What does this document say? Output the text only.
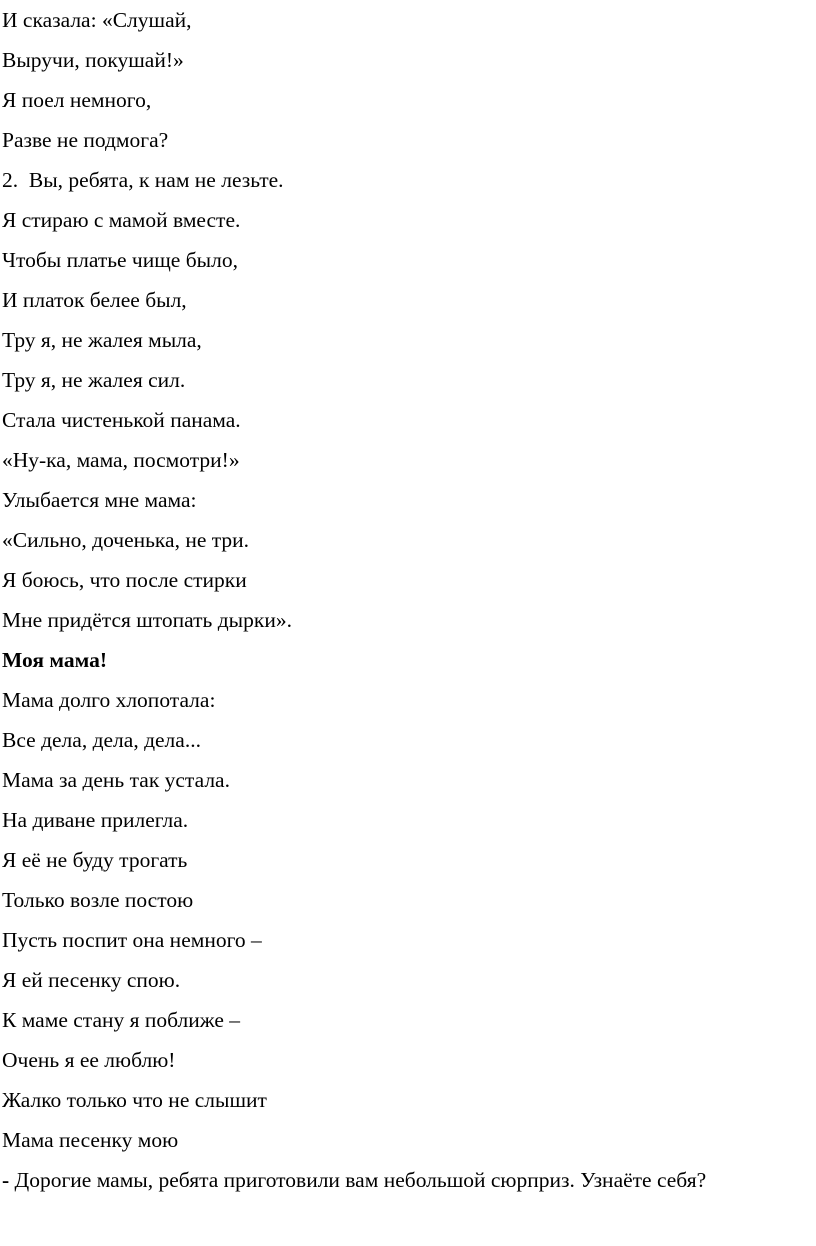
И сказала: «Слушай,
Выручи, покушай!»
Я поел немного,
Разве не подмога?
2.  Вы, ребята, к нам не лезьте.
Я стираю с мамой вместе.
Чтобы платье чище было,
И платок белее был,
Тру я, не жалея мыла,
Тру я, не жалея сил.
Стала чистенькой панама.
«Ну-ка, мама, посмотри!»
Улыбается мне мама:
«Сильно, доченька, не три.
Я боюсь, что после стирки
Мне придётся штопать дырки».
Моя мама!
Мама долго хлопотала:
Все дела, дела, дела...
Мама за день так устала.
На диване прилегла.
Я её не буду трогать
Только возле постою
Пусть поспит она немного –
Я ей песенку спою.
К маме стану я поближе –
Очень я ее люблю!
Жалко только что не слышит
Мама песенку мою
- Дорогие мамы, ребята приготовили вам небольшой сюрприз. Узнаёте себя?
